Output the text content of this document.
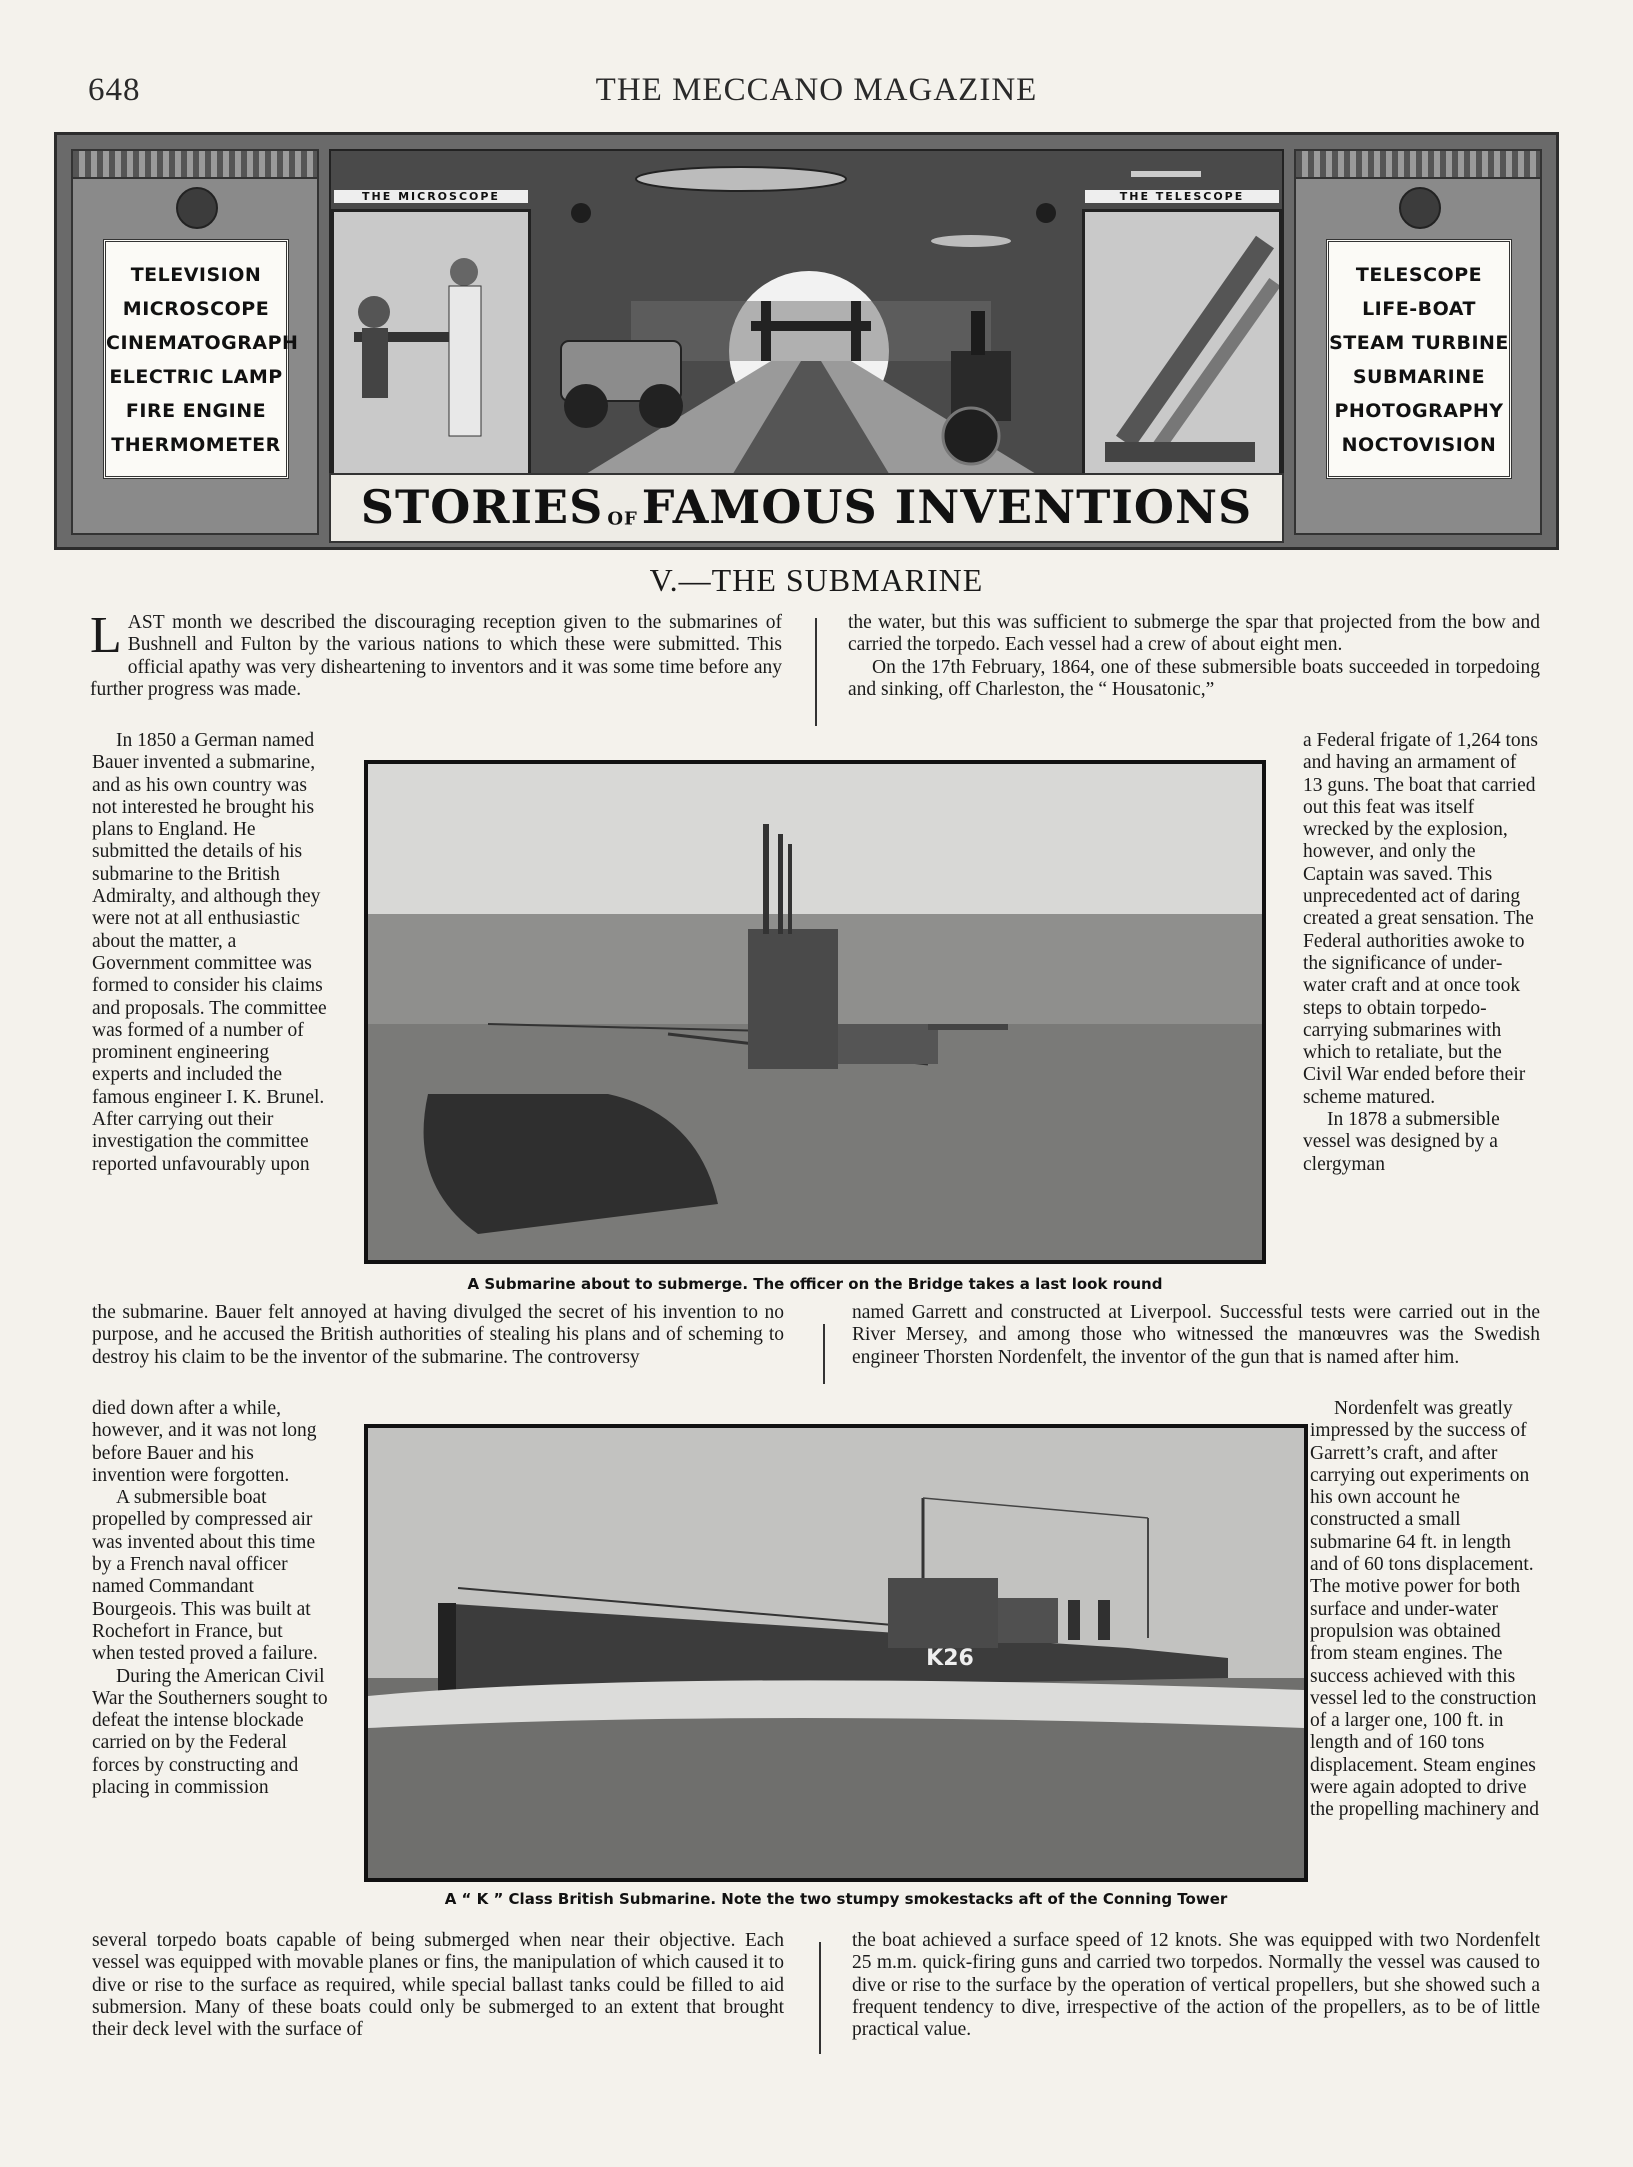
648	THE MECCANO MAGAZINE
TELEVISION
MICROSCOPE
CINEMATOGRAPH
ELECTRIC LAMP
FIRE ENGINE
THERMOMETER
THE MICROSCOPE	THE TELESCOPE
STORIES OF FAMOUS INVENTIONS
TELESCOPE
LIFE-BOAT
STEAM TURBINE
SUBMARINE
PHOTOGRAPHY
NOCTOVISION
V.—THE SUBMARINE

LAST month we described the discouraging reception given to the submarines of Bushnell and Fulton by the various nations to which these were submitted. This official apathy was very disheartening to inventors and it was some time before any further progress was made.

the water, but this was sufficient to submerge the spar that projected from the bow and carried the torpedo. Each vessel had a crew of about eight men.

On the 17th February, 1864, one of these submersible boats succeeded in torpedoing and sinking, off Charleston, the “ Housatonic,”

In 1850 a German named Bauer invented a submarine, and as his own country was not interested he brought his plans to England. He submitted the details of his submarine to the British Admiralty, and although they were not at all enthusiastic about the matter, a Government committee was formed to consider his claims and proposals. The committee was formed of a number of prominent engineering experts and included the famous engineer I. K. Brunel. After carrying out their investigation the committee reported unfavourably upon

a Federal frigate of 1,264 tons and having an armament of 13 guns. The boat that carried out this feat was itself wrecked by the explosion, however, and only the Captain was saved. This unprecedented act of daring created a great sensation. The Federal authorities awoke to the significance of under-water craft and at once took steps to obtain torpedo-carrying submarines with which to retaliate, but the Civil War ended before their scheme matured.

In 1878 a submersible vessel was designed by a clergyman

A Submarine about to submerge. The officer on the Bridge takes a last look round

the submarine. Bauer felt annoyed at having divulged the secret of his invention to no purpose, and he accused the British authorities of stealing his plans and of scheming to destroy his claim to be the inventor of the submarine. The controversy

named Garrett and constructed at Liverpool. Successful tests were carried out in the River Mersey, and among those who witnessed the manœuvres was the Swedish engineer Thorsten Nordenfelt, the inventor of the gun that is named after him.

died down after a while, however, and it was not long before Bauer and his invention were forgotten.

A submersible boat propelled by compressed air was invented about this time by a French naval officer named Commandant Bourgeois. This was built at Rochefort in France, but when tested proved a failure.

During the American Civil War the Southerners sought to defeat the intense blockade carried on by the Federal forces by constructing and placing in commission

K26

Nordenfelt was greatly impressed by the success of Garrett’s craft, and after carrying out experiments on his own account he constructed a small submarine 64 ft. in length and of 60 tons displacement. The motive power for both surface and under-water propulsion was obtained from steam engines. The success achieved with this vessel led to the construction of a larger one, 100 ft. in length and of 160 tons displacement. Steam engines were again adopted to drive the propelling machinery and

A “ K ” Class British Submarine. Note the two stumpy smokestacks aft of the Conning Tower

several torpedo boats capable of being submerged when near their objective. Each vessel was equipped with movable planes or fins, the manipulation of which caused it to dive or rise to the surface as required, while special ballast tanks could be filled to aid submersion. Many of these boats could only be submerged to an extent that brought their deck level with the surface of

the boat achieved a surface speed of 12 knots. She was equipped with two Nordenfelt 25 m.m. quick-firing guns and carried two torpedos. Normally the vessel was caused to dive or rise to the surface by the operation of vertical propellers, but she showed such a frequent tendency to dive, irrespective of the action of the propellers, as to be of little practical value.
